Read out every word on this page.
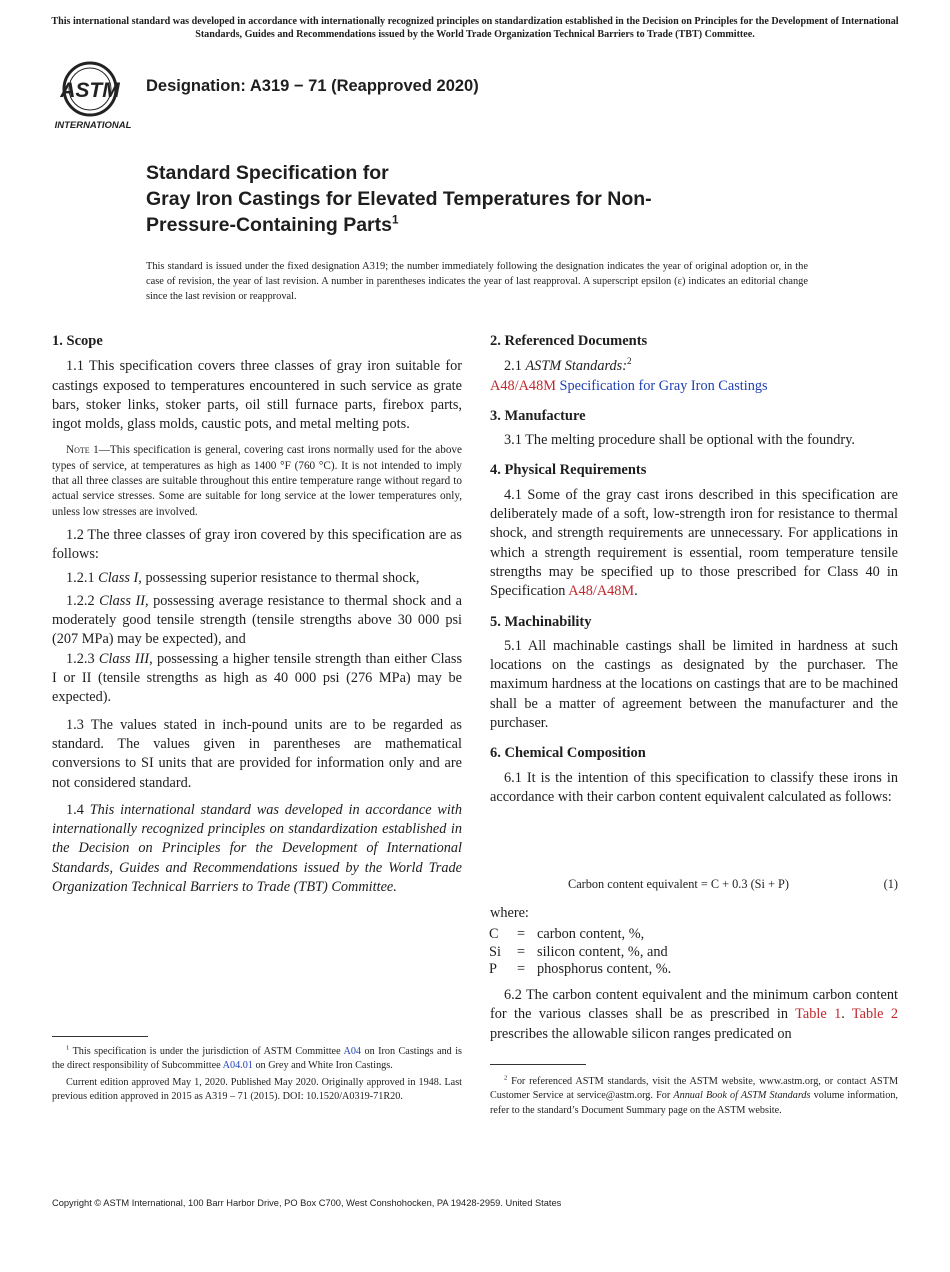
This international standard was developed in accordance with internationally recognized principles on standardization established in the Decision on Principles for the Development of International Standards, Guides and Recommendations issued by the World Trade Organization Technical Barriers to Trade (TBT) Committee.
ASTM
INTERNATIONAL
Designation: A319 − 71 (Reapproved 2020)
Standard Specification for
Gray Iron Castings for Elevated Temperatures for Non-
Pressure-Containing Parts$^1$
This standard is issued under the fixed designation A319; the number immediately following the designation indicates the year of original adoption or, in the case of revision, the year of last revision. A number in parentheses indicates the year of last reapproval. A superscript epsilon (ε) indicates an editorial change since the last revision or reapproval.

1. Scope

1.1 This specification covers three classes of gray iron suitable for castings exposed to temperatures encountered in such service as grate bars, stoker links, stoker parts, oil still furnace parts, firebox parts, ingot molds, glass molds, caustic pots, and metal melting pots.
Note 1—This specification is general, covering cast irons normally used for the above types of service, at temperatures as high as 1400 °F (760 °C). It is not intended to imply that all three classes are suitable throughout this entire temperature range without regard to actual service stresses. Some are suitable for long service at the lower temperatures only, unless low stresses are involved.
1.2 The three classes of gray iron covered by this specification are as follows:
1.2.1 Class I, possessing superior resistance to thermal shock,
1.2.2 Class II, possessing average resistance to thermal shock and a moderately good tensile strength (tensile strengths above 30 000 psi (207 MPa) may be expected), and
1.2.3 Class III, possessing a higher tensile strength than either Class I or II (tensile strengths as high as 40 000 psi (276 MPa) may be expected).
1.3 The values stated in inch-pound units are to be regarded as standard. The values given in parentheses are mathematical conversions to SI units that are provided for information only and are not considered standard.
1.4 This international standard was developed in accordance with internationally recognized principles on standardization established in the Decision on Principles for the Development of International Standards, Guides and Recommendations issued by the World Trade Organization Technical Barriers to Trade (TBT) Committee.
$^1$ This specification is under the jurisdiction of ASTM Committee A04 on Iron Castings and is the direct responsibility of Subcommittee A04.01 on Grey and White Iron Castings.
Current edition approved May 1, 2020. Published May 2020. Originally approved in 1948. Last previous edition approved in 2015 as A319 – 71 (2015). DOI: 10.1520/A0319-71R20.

2. Referenced Documents

2.1 ASTM Standards:$^2$
A48/A48M Specification for Gray Iron Castings

3. Manufacture

3.1 The melting procedure shall be optional with the foundry.

4. Physical Requirements

4.1 Some of the gray cast irons described in this specification are deliberately made of a soft, low-strength iron for resistance to thermal shock, and strength requirements are unnecessary. For applications in which a strength requirement is essential, room temperature tensile strengths may be specified up to those prescribed for Class 40 in Specification A48/A48M.

5. Machinability

5.1 All machinable castings shall be limited in hardness at such locations on the castings as designated by the purchaser. The maximum hardness at the locations on castings that are to be machined shall be a matter of agreement between the manufacturer and the purchaser.

6. Chemical Composition

6.1 It is the intention of this specification to classify these irons in accordance with their carbon content equivalent calculated as follows:
Carbon content equivalent = C + 0.3 (Si + P)	(1)
where:
C	=	carbon content, %,
Si	=	silicon content, %, and
P	=	phosphorus content, %.
6.2 The carbon content equivalent and the minimum carbon content for the various classes shall be as prescribed in Table 1. Table 2 prescribes the allowable silicon ranges predicated on
$^2$ For referenced ASTM standards, visit the ASTM website, www.astm.org, or contact ASTM Customer Service at service@astm.org. For Annual Book of ASTM Standards volume information, refer to the standard’s Document Summary page on the ASTM website.
Copyright © ASTM International, 100 Barr Harbor Drive, PO Box C700, West Conshohocken, PA 19428-2959. United States
